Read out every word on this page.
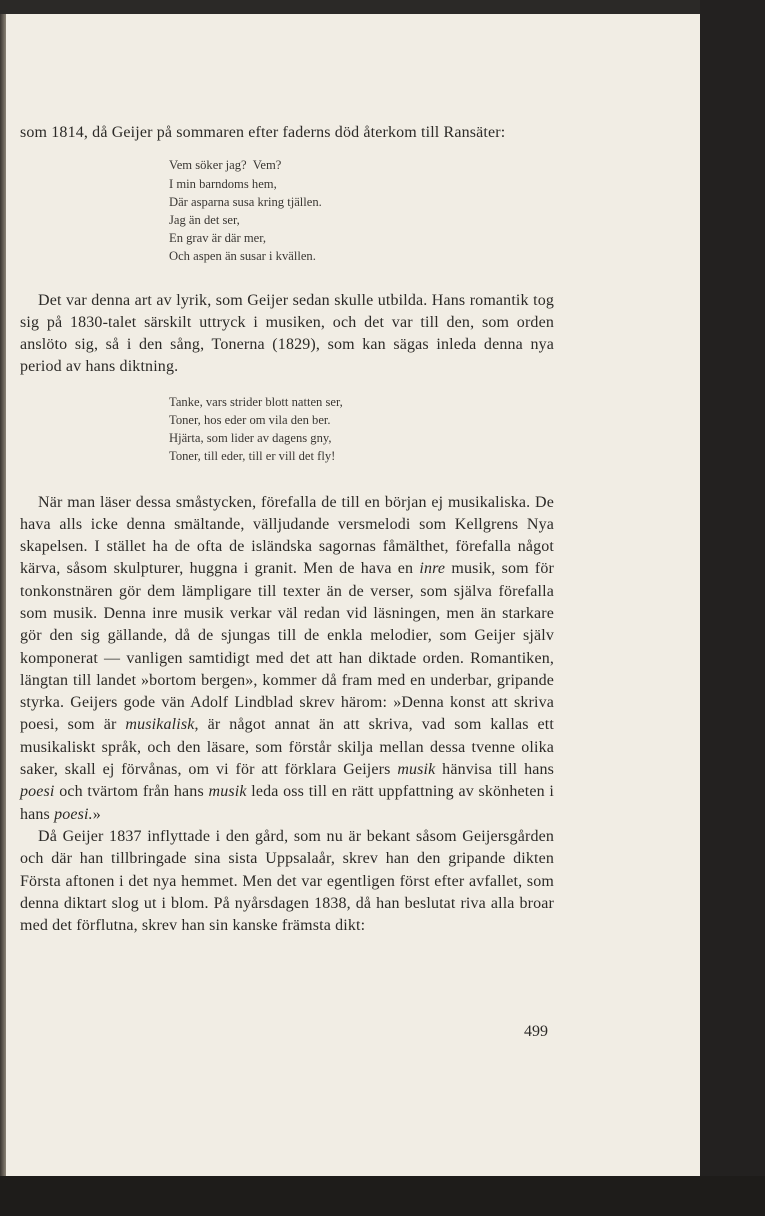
som 1814, då Geijer på sommaren efter faderns död återkom till Ransäter:

Vem söker jag?  Vem?
I min barndoms hem,
Där asparna susa kring tjällen.
Jag än det ser,
En grav är där mer,
Och aspen än susar i kvällen.

Det var denna art av lyrik, som Geijer sedan skulle utbilda. Hans romantik tog sig på 1830-talet särskilt uttryck i musiken, och det var till den, som orden anslöto sig, så i den sång, Tonerna (1829), som kan sägas inleda denna nya period av hans diktning.

Tanke, vars strider blott natten ser,
Toner, hos eder om vila den ber.
Hjärta, som lider av dagens gny,
Toner, till eder, till er vill det fly!

När man läser dessa småstycken, förefalla de till en början ej musikaliska. De hava alls icke denna smältande, välljudande versmelodi som Kellgrens Nya skapelsen. I stället ha de ofta de isländska sagornas fåmälthet, förefalla något kärva, såsom skulpturer, huggna i granit. Men de hava en inre musik, som för tonkonstnären gör dem lämpligare till texter än de verser, som själva förefalla som musik. Denna inre musik verkar väl redan vid läsningen, men än starkare gör den sig gällande, då de sjungas till de enkla melodier, som Geijer själv komponerat — vanligen samtidigt med det att han diktade orden. Romantiken, längtan till landet »bortom bergen», kommer då fram med en underbar, gripande styrka. Geijers gode vän Adolf Lindblad skrev härom: »Denna konst att skriva poesi, som är musikalisk, är något annat än att skriva, vad som kallas ett musikaliskt språk, och den läsare, som förstår skilja mellan dessa tvenne olika saker, skall ej förvånas, om vi för att förklara Geijers musik hänvisa till hans poesi och tvärtom från hans musik leda oss till en rätt uppfattning av skönheten i hans poesi.»

Då Geijer 1837 inflyttade i den gård, som nu är bekant såsom Geijersgården och där han tillbringade sina sista Uppsalaår, skrev han den gripande dikten Första aftonen i det nya hemmet. Men det var egentligen först efter avfallet, som denna diktart slog ut i blom. På nyårsdagen 1838, då han beslutat riva alla broar med det förflutna, skrev han sin kanske främsta dikt:

499
